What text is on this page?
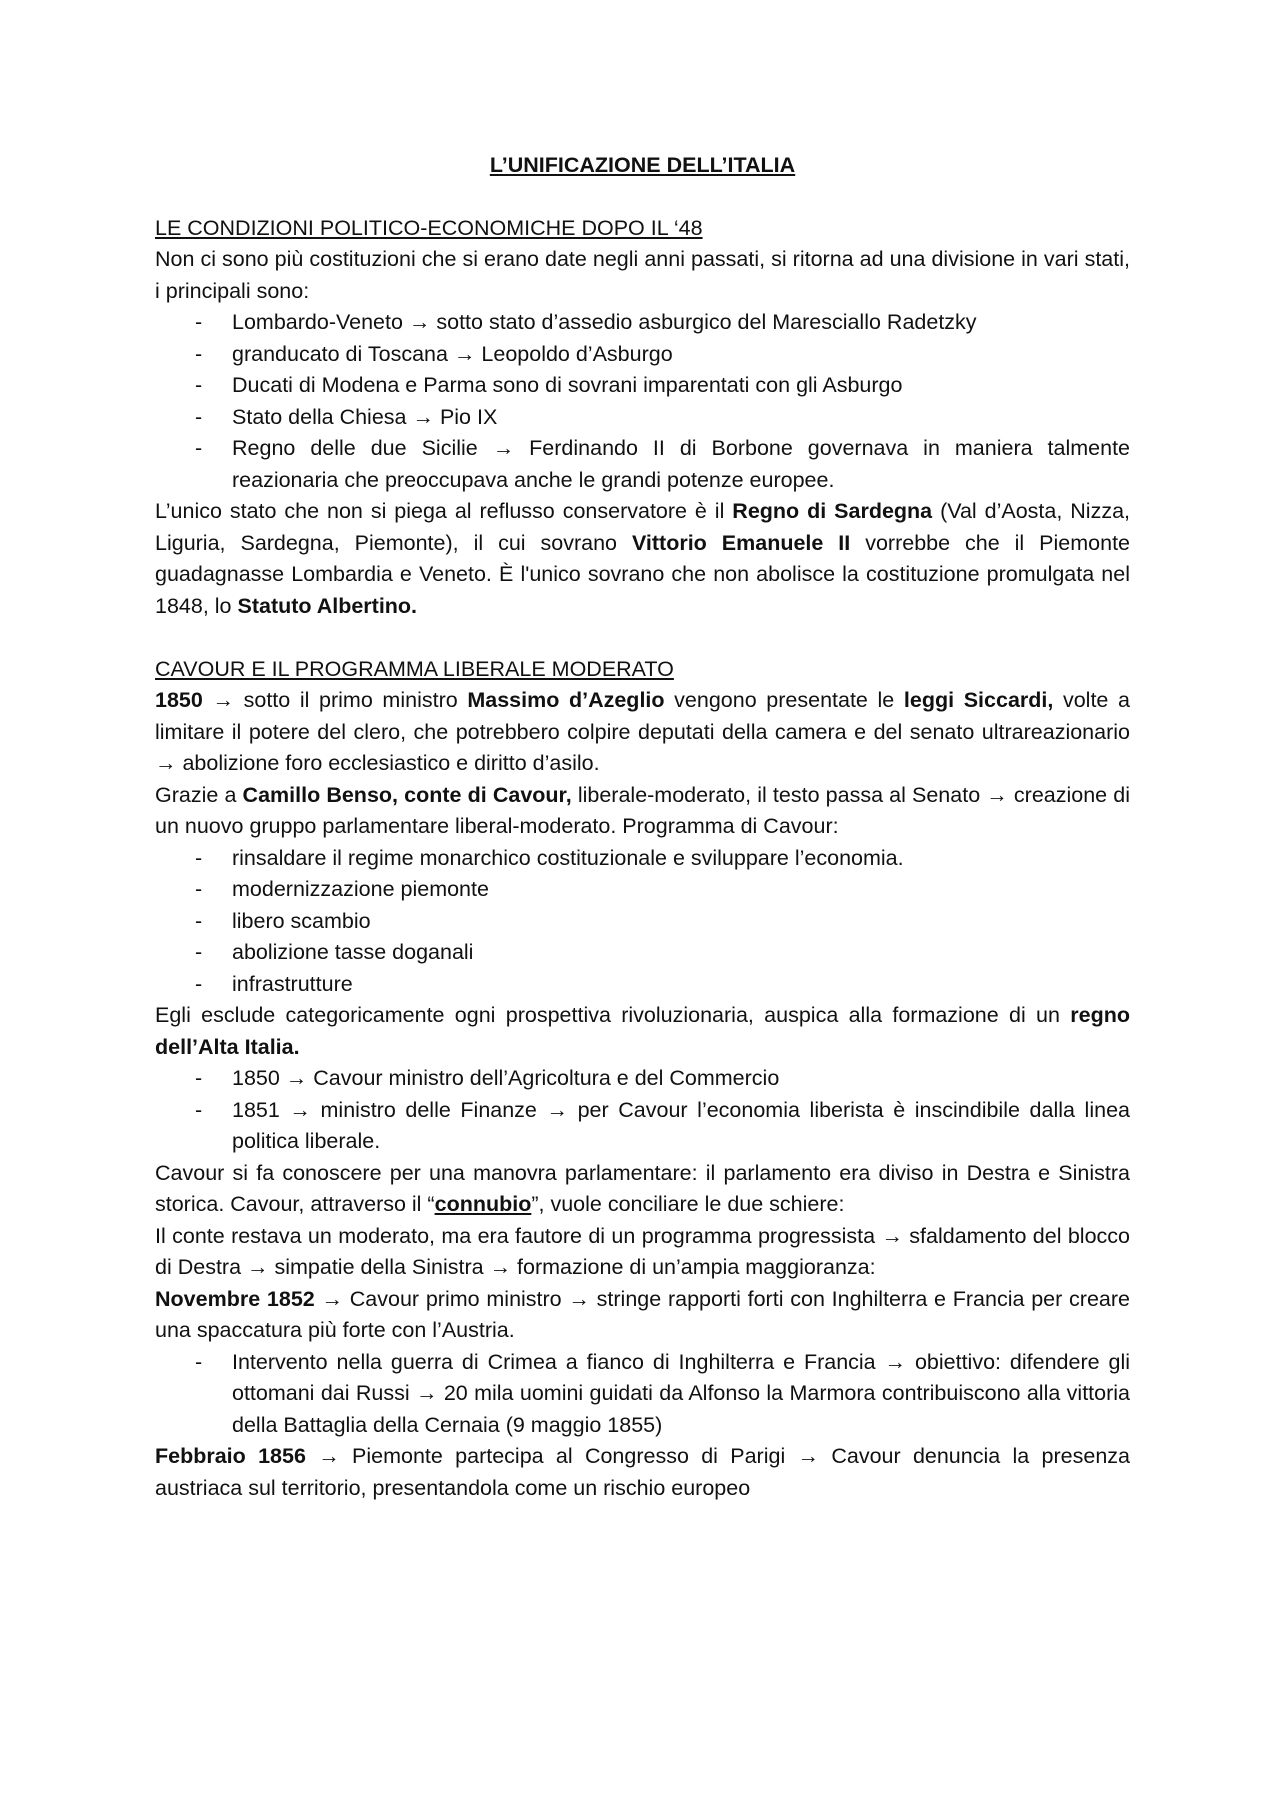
L’UNIFICAZIONE DELL’ITALIA
LE CONDIZIONI POLITICO-ECONOMICHE DOPO IL ‘48

Non ci sono più costituzioni che si erano date negli anni passati, si ritorna ad una divisione in vari stati, i principali sono:

- Lombardo-Veneto → sotto stato d’assedio asburgico del Maresciallo Radetzky
- granducato di Toscana → Leopoldo d’Asburgo
- Ducati di Modena e Parma sono di sovrani imparentati con gli Asburgo
- Stato della Chiesa → Pio IX
- Regno delle due Sicilie → Ferdinando II di Borbone governava in maniera talmente reazionaria che preoccupava anche le grandi potenze europee.

L’unico stato che non si piega al reflusso conservatore è il Regno di Sardegna (Val d’Aosta, Nizza, Liguria, Sardegna, Piemonte), il cui sovrano Vittorio Emanuele II vorrebbe che il Piemonte guadagnasse Lombardia e Veneto. È l'unico sovrano che non abolisce la costituzione promulgata nel 1848, lo Statuto Albertino.

CAVOUR E IL PROGRAMMA LIBERALE MODERATO

1850 → sotto il primo ministro Massimo d’Azeglio vengono presentate le leggi Siccardi, volte a limitare il potere del clero, che potrebbero colpire deputati della camera e del senato ultrareazionario → abolizione foro ecclesiastico e diritto d’asilo.

Grazie a Camillo Benso, conte di Cavour, liberale-moderato, il testo passa al Senato → creazione di un nuovo gruppo parlamentare liberal-moderato. Programma di Cavour:

- rinsaldare il regime monarchico costituzionale e sviluppare l’economia.
- modernizzazione piemonte
- libero scambio
- abolizione tasse doganali
- infrastrutture

Egli esclude categoricamente ogni prospettiva rivoluzionaria, auspica alla formazione di un regno dell’Alta Italia.

- 1850 → Cavour ministro dell’Agricoltura e del Commercio
- 1851 → ministro delle Finanze → per Cavour l’economia liberista è inscindibile dalla linea politica liberale.

Cavour si fa conoscere per una manovra parlamentare: il parlamento era diviso in Destra e Sinistra storica. Cavour, attraverso il “connubio”, vuole conciliare le due schiere:

Il conte restava un moderato, ma era fautore di un programma progressista → sfaldamento del blocco di Destra → simpatie della Sinistra → formazione di un’ampia maggioranza:

Novembre 1852 → Cavour primo ministro → stringe rapporti forti con Inghilterra e Francia per creare una spaccatura più forte con l’Austria.

- Intervento nella guerra di Crimea a fianco di Inghilterra e Francia → obiettivo: difendere gli ottomani dai Russi → 20 mila uomini guidati da Alfonso la Marmora contribuiscono alla vittoria della Battaglia della Cernaia (9 maggio 1855)

Febbraio 1856 → Piemonte partecipa al Congresso di Parigi → Cavour denuncia la presenza austriaca sul territorio, presentandola come un rischio europeo
